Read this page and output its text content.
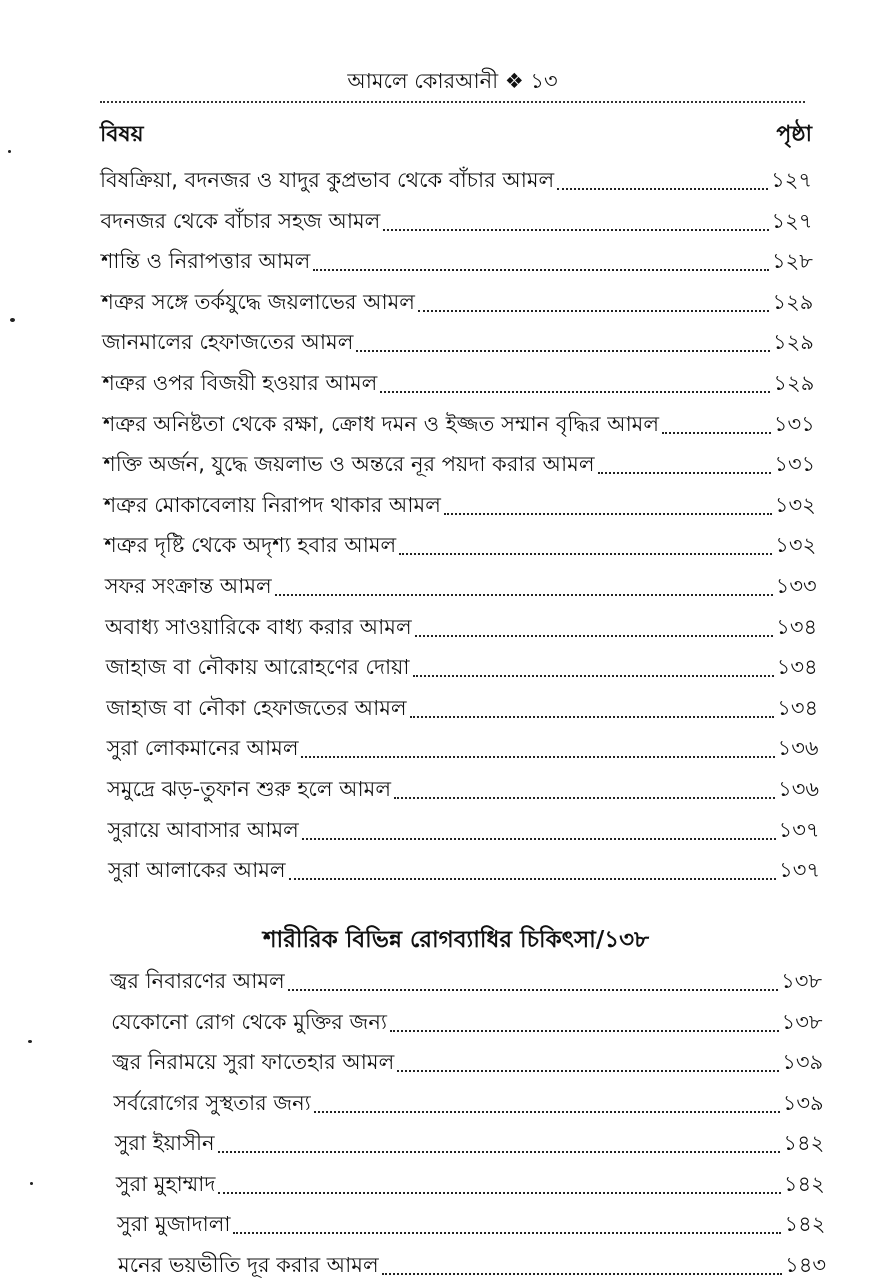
আমলে কোরআনী ❖ ১৩
বিষয়	পৃষ্ঠা
বিষক্রিয়া, বদনজর ও যাদুর কুপ্রভাব থেকে বাঁচার আমল	১২৭
বদনজর থেকে বাঁচার সহজ আমল	১২৭
শান্তি ও নিরাপত্তার আমল	১২৮
শত্রুর সঙ্গে তর্কযুদ্ধে জয়লাভের আমল	১২৯
জানমালের হেফাজতের আমল	১২৯
শত্রুর ওপর বিজয়ী হওয়ার আমল	১২৯
শত্রুর অনিষ্টতা থেকে রক্ষা, ক্রোধ দমন ও ইজ্জত সম্মান বৃদ্ধির আমল	১৩১
শক্তি অর্জন, যুদ্ধে জয়লাভ ও অন্তরে নূর পয়দা করার আমল	১৩১
শত্রুর মোকাবেলায় নিরাপদ থাকার আমল	১৩২
শত্রুর দৃষ্টি থেকে অদৃশ্য হবার আমল	১৩২
সফর সংক্রান্ত আমল	১৩৩
অবাধ্য সাওয়ারিকে বাধ্য করার আমল	১৩৪
জাহাজ বা নৌকায় আরোহণের দোয়া	১৩৪
জাহাজ বা নৌকা হেফাজতের আমল	১৩৪
সুরা লোকমানের আমল	১৩৬
সমুদ্রে ঝড়-তুফান শুরু হলে আমল	১৩৬
সুরায়ে আবাসার আমল	১৩৭
সুরা আলাকের আমল	১৩৭
শারীরিক বিভিন্ন রোগব্যাধির চিকিৎসা/১৩৮
জ্বর নিবারণের আমল	১৩৮
যেকোনো রোগ থেকে মুক্তির জন্য	১৩৮
জ্বর নিরাময়ে সুরা ফাতেহার আমল	১৩৯
সর্বরোগের সুস্থতার জন্য	১৩৯
সুরা ইয়াসীন	১৪২
সুরা মুহাম্মাদ	১৪২
সুরা মুজাদালা	১৪২
মনের ভয়ভীতি দূর করার আমল	১৪৩
